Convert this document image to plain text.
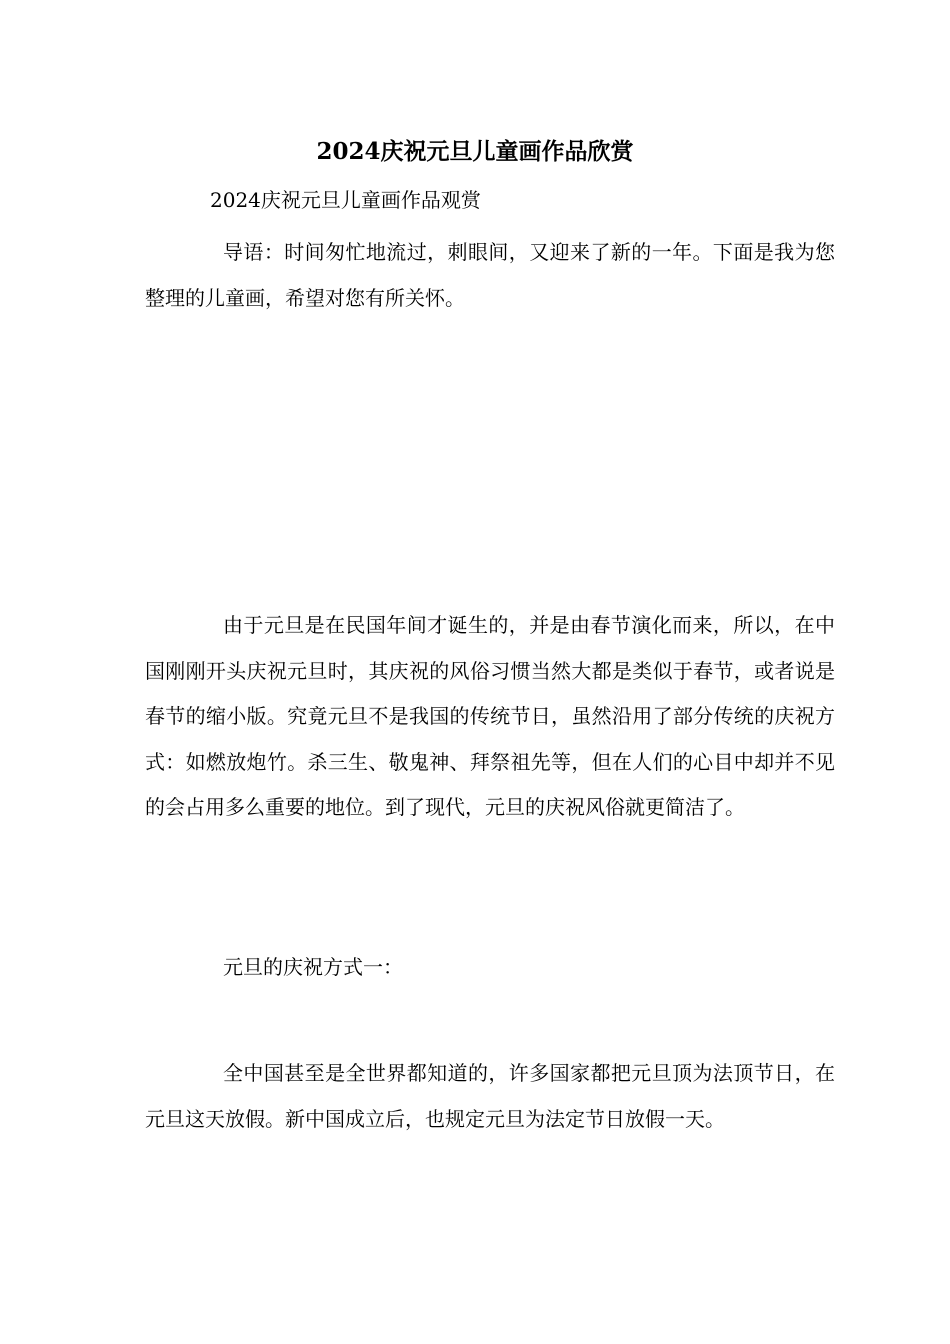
2024庆祝元旦儿童画作品欣赏
2024庆祝元旦儿童画作品观赏

导语：时间匆忙地流过，刺眼间，又迎来了新的一年。下面是我为您整理的儿童画，希望对您有所关怀。

由于元旦是在民国年间才诞生的，并是由春节演化而来，所以，在中国刚刚开头庆祝元旦时，其庆祝的风俗习惯当然大都是类似于春节，或者说是春节的缩小版。究竟元旦不是我国的传统节日，虽然沿用了部分传统的庆祝方式：如燃放炮竹。杀三生、敬鬼神、拜祭祖先等，但在人们的心目中却并不见的会占用多么重要的地位。到了现代，元旦的庆祝风俗就更简洁了。

元旦的庆祝方式一：

全中国甚至是全世界都知道的，许多国家都把元旦顶为法顶节日，在元旦这天放假。新中国成立后，也规定元旦为法定节日放假一天。
